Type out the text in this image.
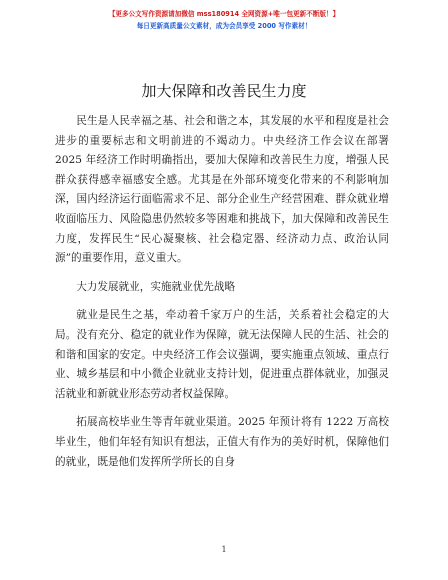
【更多公文写作资源请加微信 mss180914 全网资源+唯一包更新不断版！】
每日更新高质量公文素材，成为会员享受 2000 写作素材！
加大保障和改善民生力度

民生是人民幸福之基、社会和谐之本，其发展的水平和程度是社会进步的重要标志和文明前进的不竭动力。中央经济工作会议在部署 2025 年经济工作时明确指出，要加大保障和改善民生力度，增强人民群众获得感幸福感安全感。尤其是在外部环境变化带来的不利影响加深，国内经济运行面临需求不足、部分企业生产经营困难、群众就业增收面临压力、风险隐患仍然较多等困难和挑战下，加大保障和改善民生力度，发挥民生“民心凝聚核、社会稳定器、经济动力点、政治认同源”的重要作用，意义重大。

大力发展就业，实施就业优先战略

就业是民生之基，牵动着千家万户的生活，关系着社会稳定的大局。没有充分、稳定的就业作为保障，就无法保障人民的生活、社会的和谐和国家的安定。中央经济工作会议强调，要实施重点领域、重点行业、城乡基层和中小微企业就业支持计划，促进重点群体就业，加强灵活就业和新就业形态劳动者权益保障。

拓展高校毕业生等青年就业渠道。2025 年预计将有 1222 万高校毕业生，他们年轻有知识有想法，正值大有作为的美好时机，保障他们的就业，既是他们发挥所学所长的自身

1
